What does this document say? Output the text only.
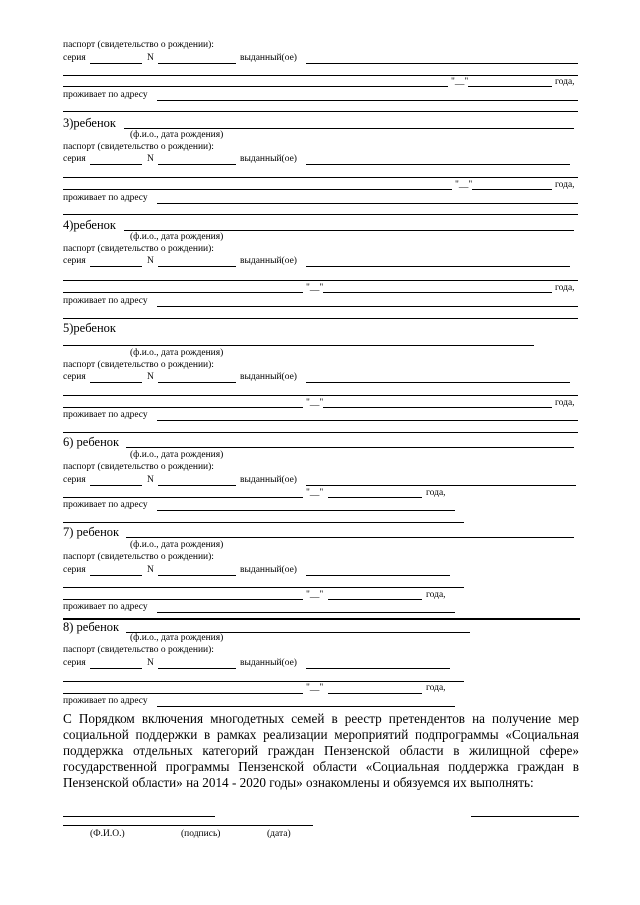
паспорт (свидетельство о рождении):
серия	N	выданный(ое)
"__"	года,
проживает по адресу
3)ребенок
(ф.и.о., дата рождения)
паспорт (свидетельство о рождении):
серия	N	выданный(ое)
"__"	года,
проживает по адресу
4)ребенок
(ф.и.о., дата рождения)
паспорт (свидетельство о рождении):
серия	N	выданный(ое)
"__"	года,
проживает по адресу
5)ребенок
(ф.и.о., дата рождения)
паспорт (свидетельство о рождении):
серия	N	выданный(ое)
"__"	года,
проживает по адресу
6) ребенок
(ф.и.о., дата рождения)
паспорт (свидетельство о рождении):
серия	N	выданный(ое)
"__"	года,
проживает по адресу
7) ребенок
(ф.и.о., дата рождения)
паспорт (свидетельство о рождении):
серия	N	выданный(ое)
"__"	года,
проживает по адресу
8) ребенок
(ф.и.о., дата рождения)
паспорт (свидетельство о рождении):
серия	N	выданный(ое)
"__"	года,
проживает по адресу
С Порядком включения многодетных семей в реестр претендентов на получение мер социальной поддержки в рамках реализации мероприятий подпрограммы «Социальная поддержка отдельных категорий граждан Пензенской области в жилищной сфере» государственной программы Пензенской области «Социальная поддержка граждан в Пензенской области» на 2014 - 2020 годы» ознакомлены и обязуемся их выполнять:
(Ф.И.О.)	(подпись)	(дата)
